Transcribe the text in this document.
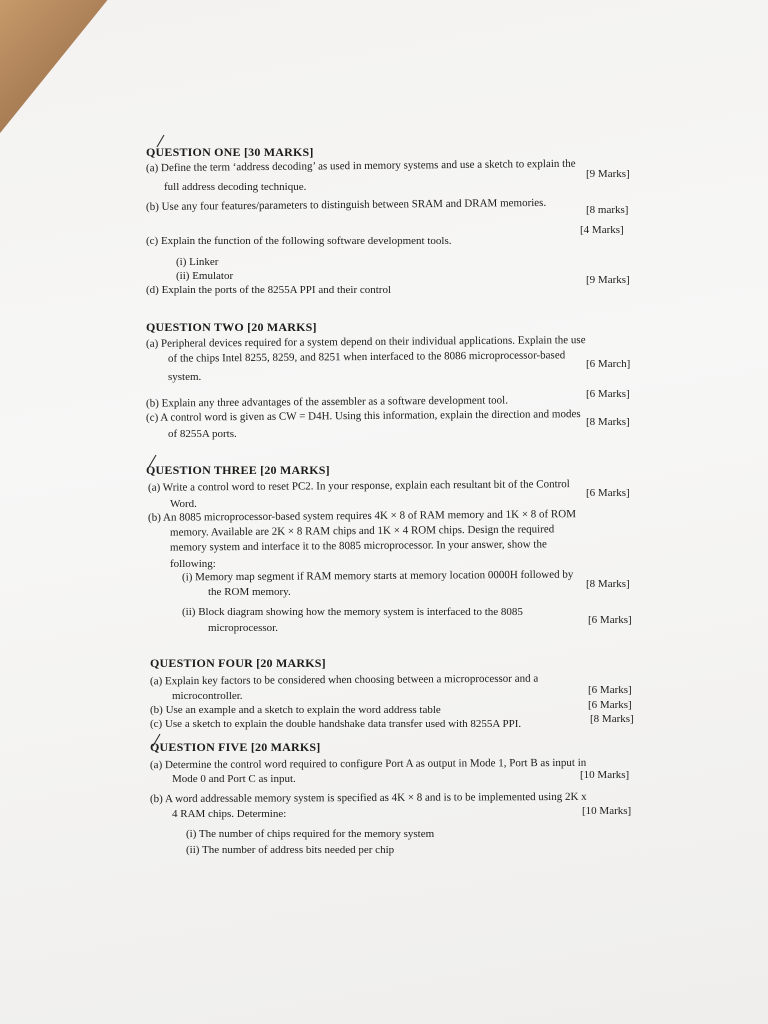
QUESTION ONE [30 MARKS]
(a) Define the term ‘address decoding’ as used in memory systems and use a sketch to explain the
full address decoding technique.
[9 Marks]
(b) Use any four features/parameters to distinguish between SRAM and DRAM memories.	[8 marks]
(c) Explain the function of the following software development tools.
[4 Marks]
(i) Linker
(ii) Emulator
(d) Explain the ports of the 8255A PPI and their control
[9 Marks]
QUESTION TWO [20 MARKS]
(a) Peripheral devices required for a system depend on their individual applications. Explain the use
of the chips Intel 8255, 8259, and 8251 when interfaced to the 8086 microprocessor-based
system.
[6 March]
(b) Explain any three advantages of the assembler as a software development tool.
[6 Marks]
(c) A control word is given as CW = D4H. Using this information, explain the direction and modes
of 8255A ports.
[8 Marks]
QUESTION THREE [20 MARKS]
(a) Write a control word to reset PC2. In your response, explain each resultant bit of the Control
Word.
[6 Marks]
(b) An 8085 microprocessor-based system requires 4K × 8 of RAM memory and 1K × 8 of ROM
memory. Available are 2K × 8 RAM chips and 1K × 4 ROM chips. Design the required
memory system and interface it to the 8085 microprocessor. In your answer, show the
following:
(i) Memory map segment if RAM memory starts at memory location 0000H followed by
the ROM memory.
[8 Marks]
(ii) Block diagram showing how the memory system is interfaced to the 8085
microprocessor.
[6 Marks]
QUESTION FOUR [20 MARKS]
(a) Explain key factors to be considered when choosing between a microprocessor and a
microcontroller.	[6 Marks]
(b) Use an example and a sketch to explain the word address table	[6 Marks]
(c) Use a sketch to explain the double handshake data transfer used with 8255A PPI.	[8 Marks]
QUESTION FIVE [20 MARKS]
(a) Determine the control word required to configure Port A as output in Mode 1, Port B as input in
Mode 0 and Port C as input.	[10 Marks]
(b) A word addressable memory system is specified as 4K × 8 and is to be implemented using 2K x
4 RAM chips. Determine:	[10 Marks]
(i) The number of chips required for the memory system
(ii) The number of address bits needed per chip
